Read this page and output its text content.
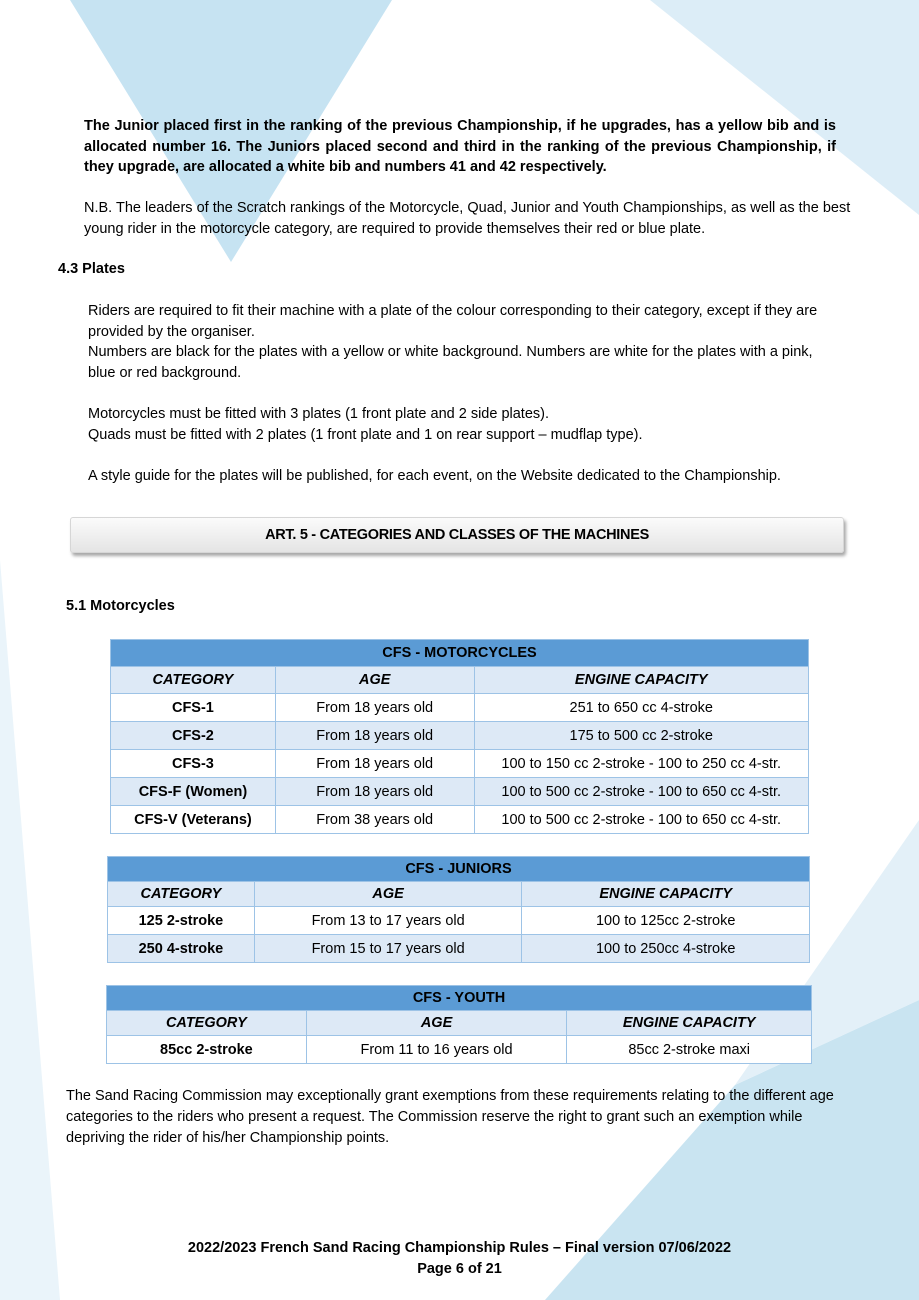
The Junior placed first in the ranking of the previous Championship, if he upgrades, has a yellow bib and is allocated number 16. The Juniors placed second and third in the ranking of the previous Championship, if they upgrade, are allocated a white bib and numbers 41 and 42 respectively.

N.B. The leaders of the Scratch rankings of the Motorcycle, Quad, Junior and Youth Championships, as well as the best young rider in the motorcycle category, are required to provide themselves their red or blue plate.

4.3 Plates

Riders are required to fit their machine with a plate of the colour corresponding to their category, except if they are provided by the organiser.

Numbers are black for the plates with a yellow or white background. Numbers are white for the plates with a pink, blue or red background.

Motorcycles must be fitted with 3 plates (1 front plate and 2 side plates).

Quads must be fitted with 2 plates (1 front plate and 1 on rear support – mudflap type).

A style guide for the plates will be published, for each event, on the Website dedicated to the Championship.

ART. 5 - CATEGORIES AND CLASSES OF THE MACHINES

5.1 Motorcycles

CFS - MOTORCYCLES		
CATEGORY	AGE	ENGINE CAPACITY
CFS-1	From 18 years old	251 to 650 cc 4-stroke
CFS-2	From 18 years old	175 to 500 cc 2-stroke
CFS-3	From 18 years old	100 to 150 cc 2-stroke - 100 to 250 cc 4-str.
CFS-F (Women)	From 18 years old	100 to 500 cc 2-stroke - 100 to 650 cc 4-str.
CFS-V (Veterans)	From 38 years old	100 to 500 cc 2-stroke - 100 to 650 cc 4-str.
CFS - JUNIORS		
CATEGORY	AGE	ENGINE CAPACITY
125 2-stroke	From 13 to 17 years old	100 to 125cc 2-stroke
250 4-stroke	From 15 to 17 years old	100 to 250cc 4-stroke
CFS - YOUTH		
CATEGORY	AGE	ENGINE CAPACITY
85cc 2-stroke	From 11 to 16 years old	85cc 2-stroke maxi

The Sand Racing Commission may exceptionally grant exemptions from these requirements relating to the different age categories to the riders who present a request. The Commission reserve the right to grant such an exemption while depriving the rider of his/her Championship points.

2022/2023 French Sand Racing Championship Rules – Final version 07/06/2022
Page 6 of 21
